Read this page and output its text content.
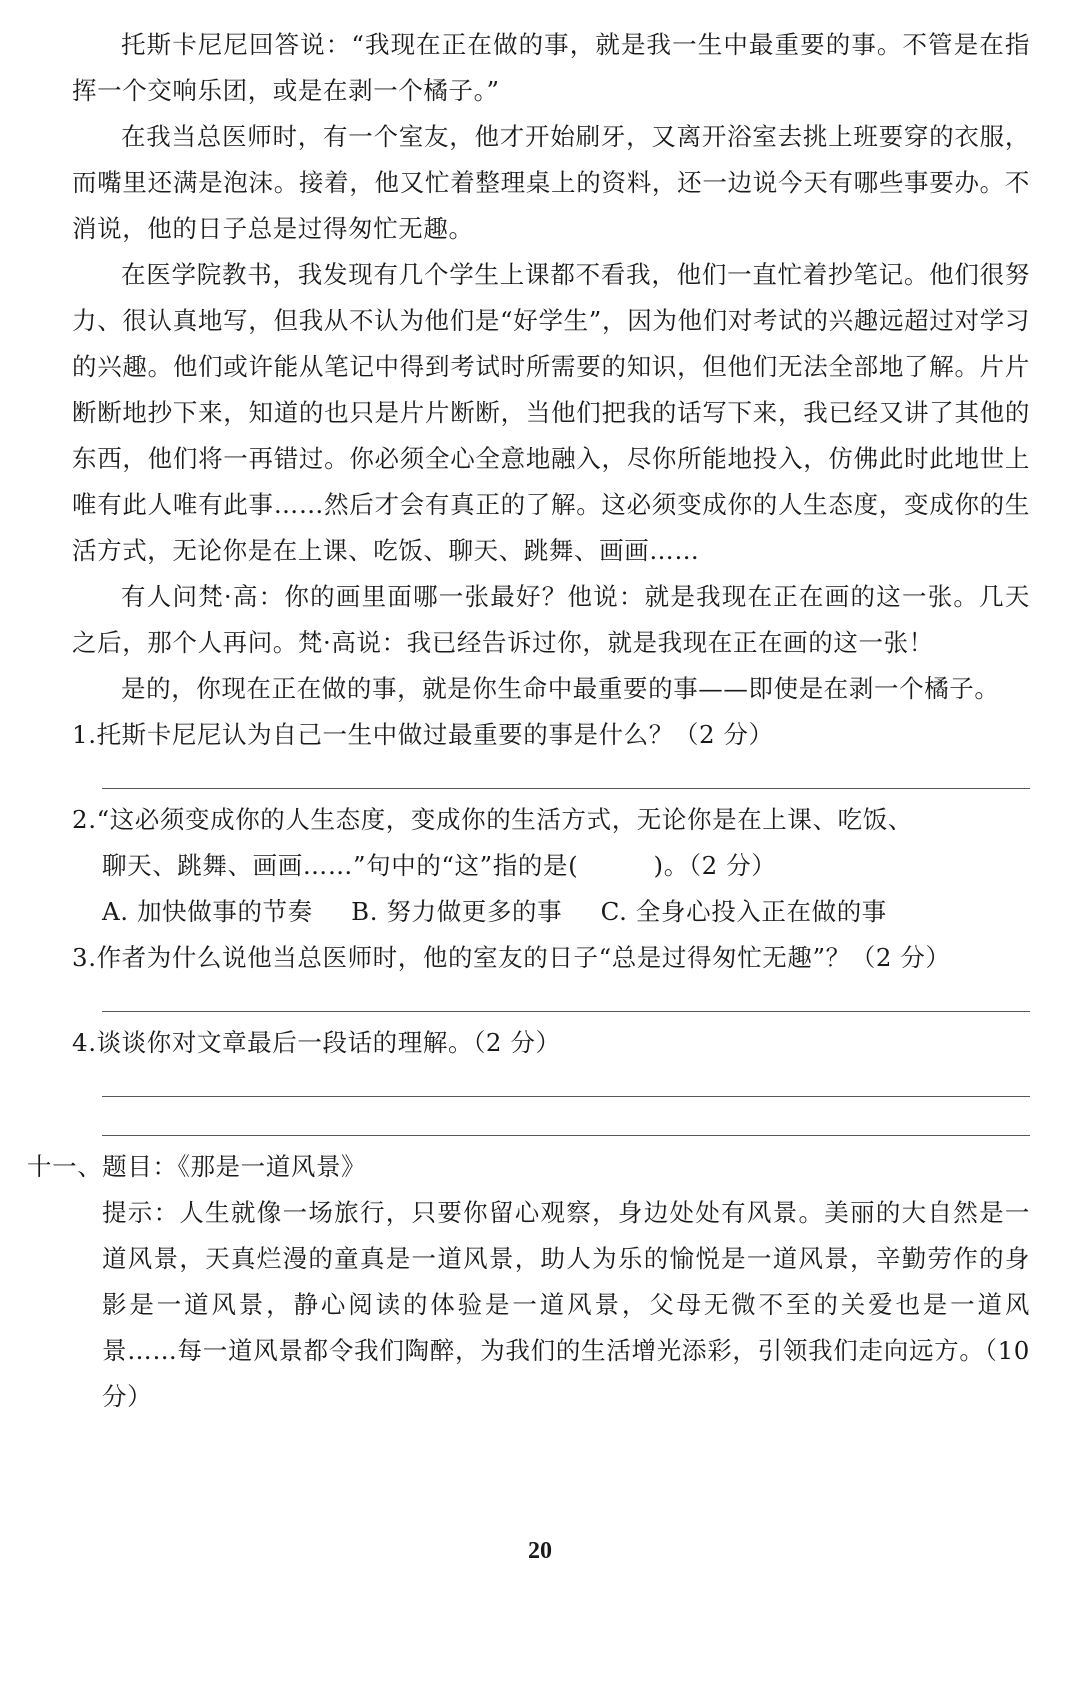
托斯卡尼尼回答说：“我现在正在做的事，就是我一生中最重要的事。不管是在指挥一个交响乐团，或是在剥一个橘子。”

在我当总医师时，有一个室友，他才开始刷牙，又离开浴室去挑上班要穿的衣服，而嘴里还满是泡沫。接着，他又忙着整理桌上的资料，还一边说今天有哪些事要办。不消说，他的日子总是过得匆忙无趣。

在医学院教书，我发现有几个学生上课都不看我，他们一直忙着抄笔记。他们很努力、很认真地写，但我从不认为他们是“好学生”，因为他们对考试的兴趣远超过对学习的兴趣。他们或许能从笔记中得到考试时所需要的知识，但他们无法全部地了解。片片断断地抄下来，知道的也只是片片断断，当他们把我的话写下来，我已经又讲了其他的东西，他们将一再错过。你必须全心全意地融入，尽你所能地投入，仿佛此时此地世上唯有此人唯有此事……然后才会有真正的了解。这必须变成你的人生态度，变成你的生活方式，无论你是在上课、吃饭、聊天、跳舞、画画……

有人问梵·高：你的画里面哪一张最好？他说：就是我现在正在画的这一张。几天之后，那个人再问。梵·高说：我已经告诉过你，就是我现在正在画的这一张！

是的，你现在正在做的事，就是你生命中最重要的事——即使是在剥一个橘子。

1.托斯卡尼尼认为自己一生中做过最重要的事是什么？（2 分）

2.“这必须变成你的人生态度，变成你的生活方式，无论你是在上课、吃饭、

聊天、跳舞、画画……”句中的“这”指的是(　　　)。（2 分）

A. 加快做事的节奏 B. 努力做更多的事 C. 全身心投入正在做的事

3.作者为什么说他当总医师时，他的室友的日子“总是过得匆忙无趣”？（2 分）

4.谈谈你对文章最后一段话的理解。（2 分）

十一、题目：《那是一道风景》

提示：人生就像一场旅行，只要你留心观察，身边处处有风景。美丽的大自然是一道风景，天真烂漫的童真是一道风景，助人为乐的愉悦是一道风景，辛勤劳作的身影是一道风景，静心阅读的体验是一道风景，父母无微不至的关爱也是一道风景……每一道风景都令我们陶醉，为我们的生活增光添彩，引领我们走向远方。（10 分）

20
